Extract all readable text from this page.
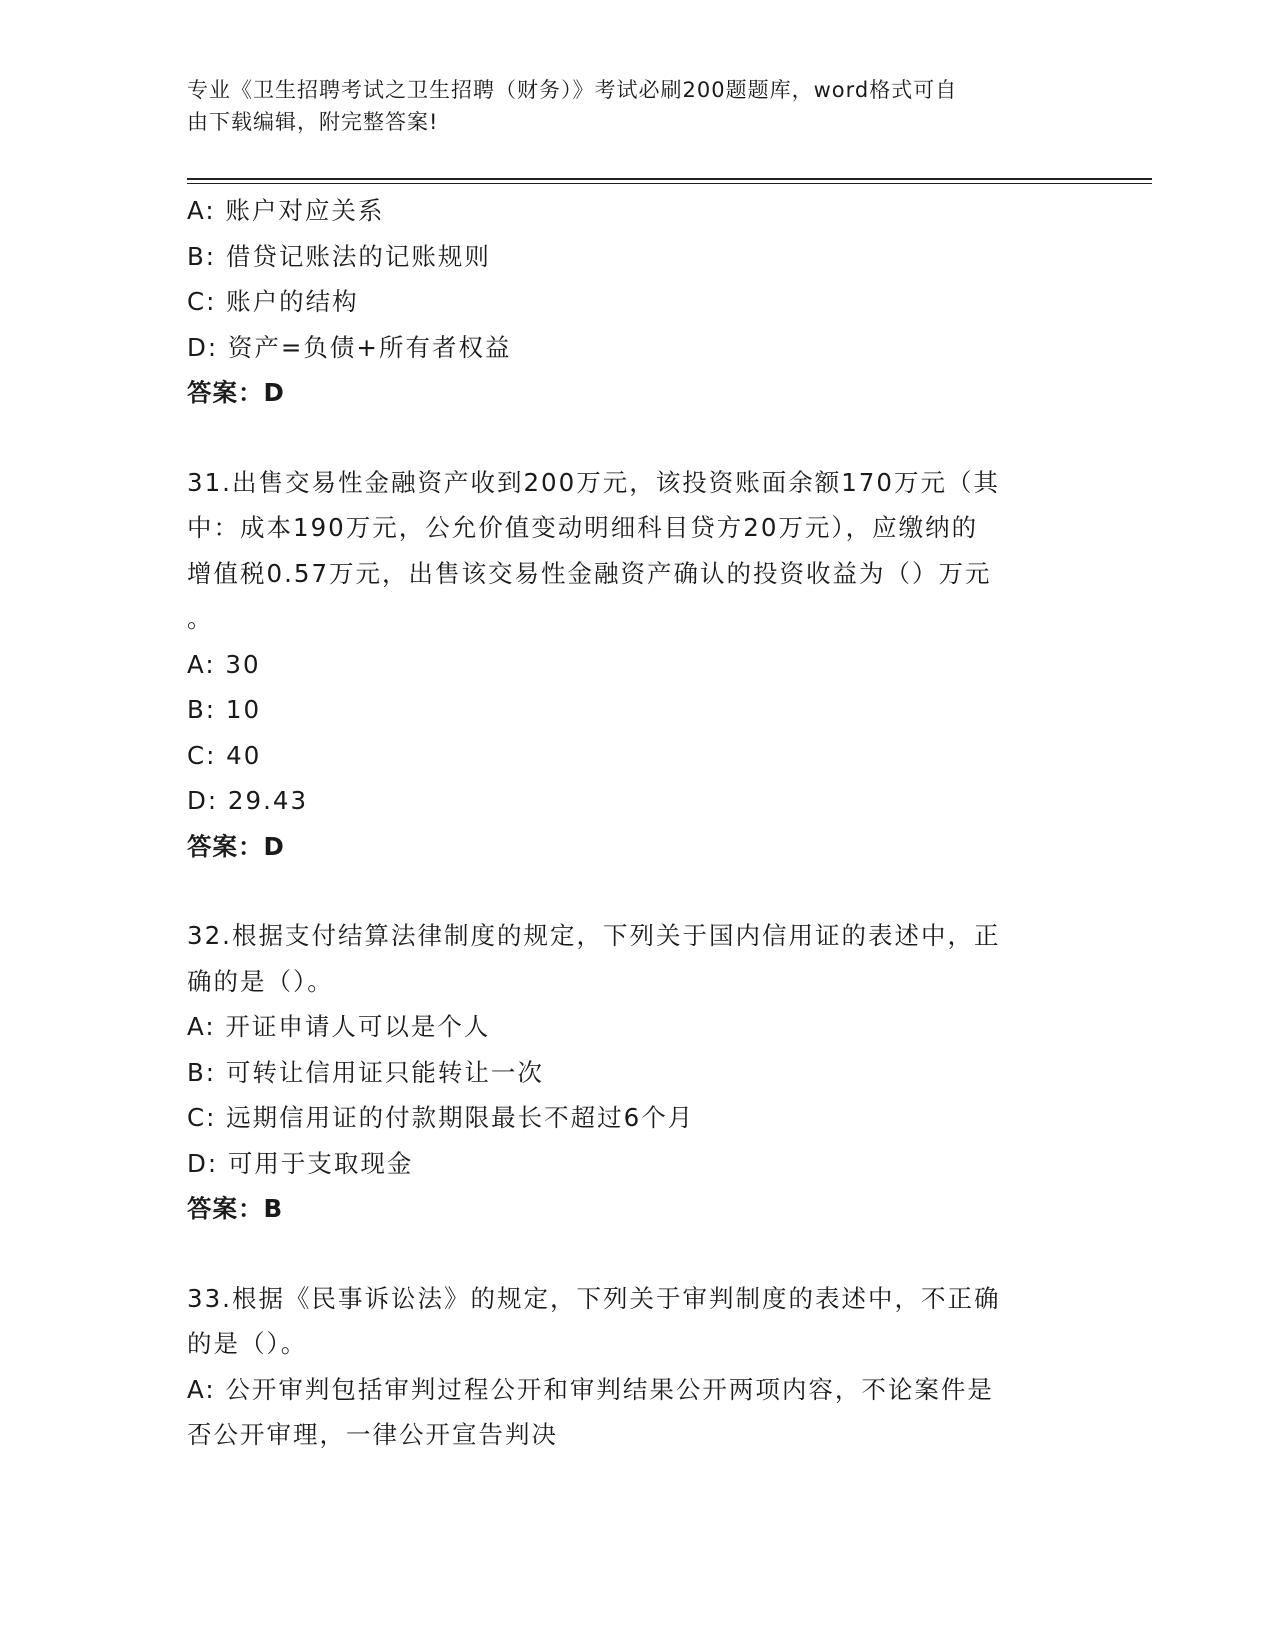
专业《卫生招聘考试之卫生招聘（财务）》考试必刷200题题库，word格式可自
由下载编辑，附完整答案!
A: 账户对应关系
B: 借贷记账法的记账规则
C: 账户的结构
D: 资产=负债+所有者权益
答案：D
31.出售交易性金融资产收到200万元，该投资账面余额170万元（其
中：成本190万元，公允价值变动明细科目贷方20万元），应缴纳的
增值税0.57万元，出售该交易性金融资产确认的投资收益为（）万元
。
A: 30
B: 10
C: 40
D: 29.43
答案：D
32.根据支付结算法律制度的规定，下列关于国内信用证的表述中，正
确的是（）。
A: 开证申请人可以是个人
B: 可转让信用证只能转让一次
C: 远期信用证的付款期限最长不超过6个月
D: 可用于支取现金
答案：B
33.根据《民事诉讼法》的规定，下列关于审判制度的表述中，不正确
的是（）。
A: 公开审判包括审判过程公开和审判结果公开两项内容，不论案件是
否公开审理，一律公开宣告判决
